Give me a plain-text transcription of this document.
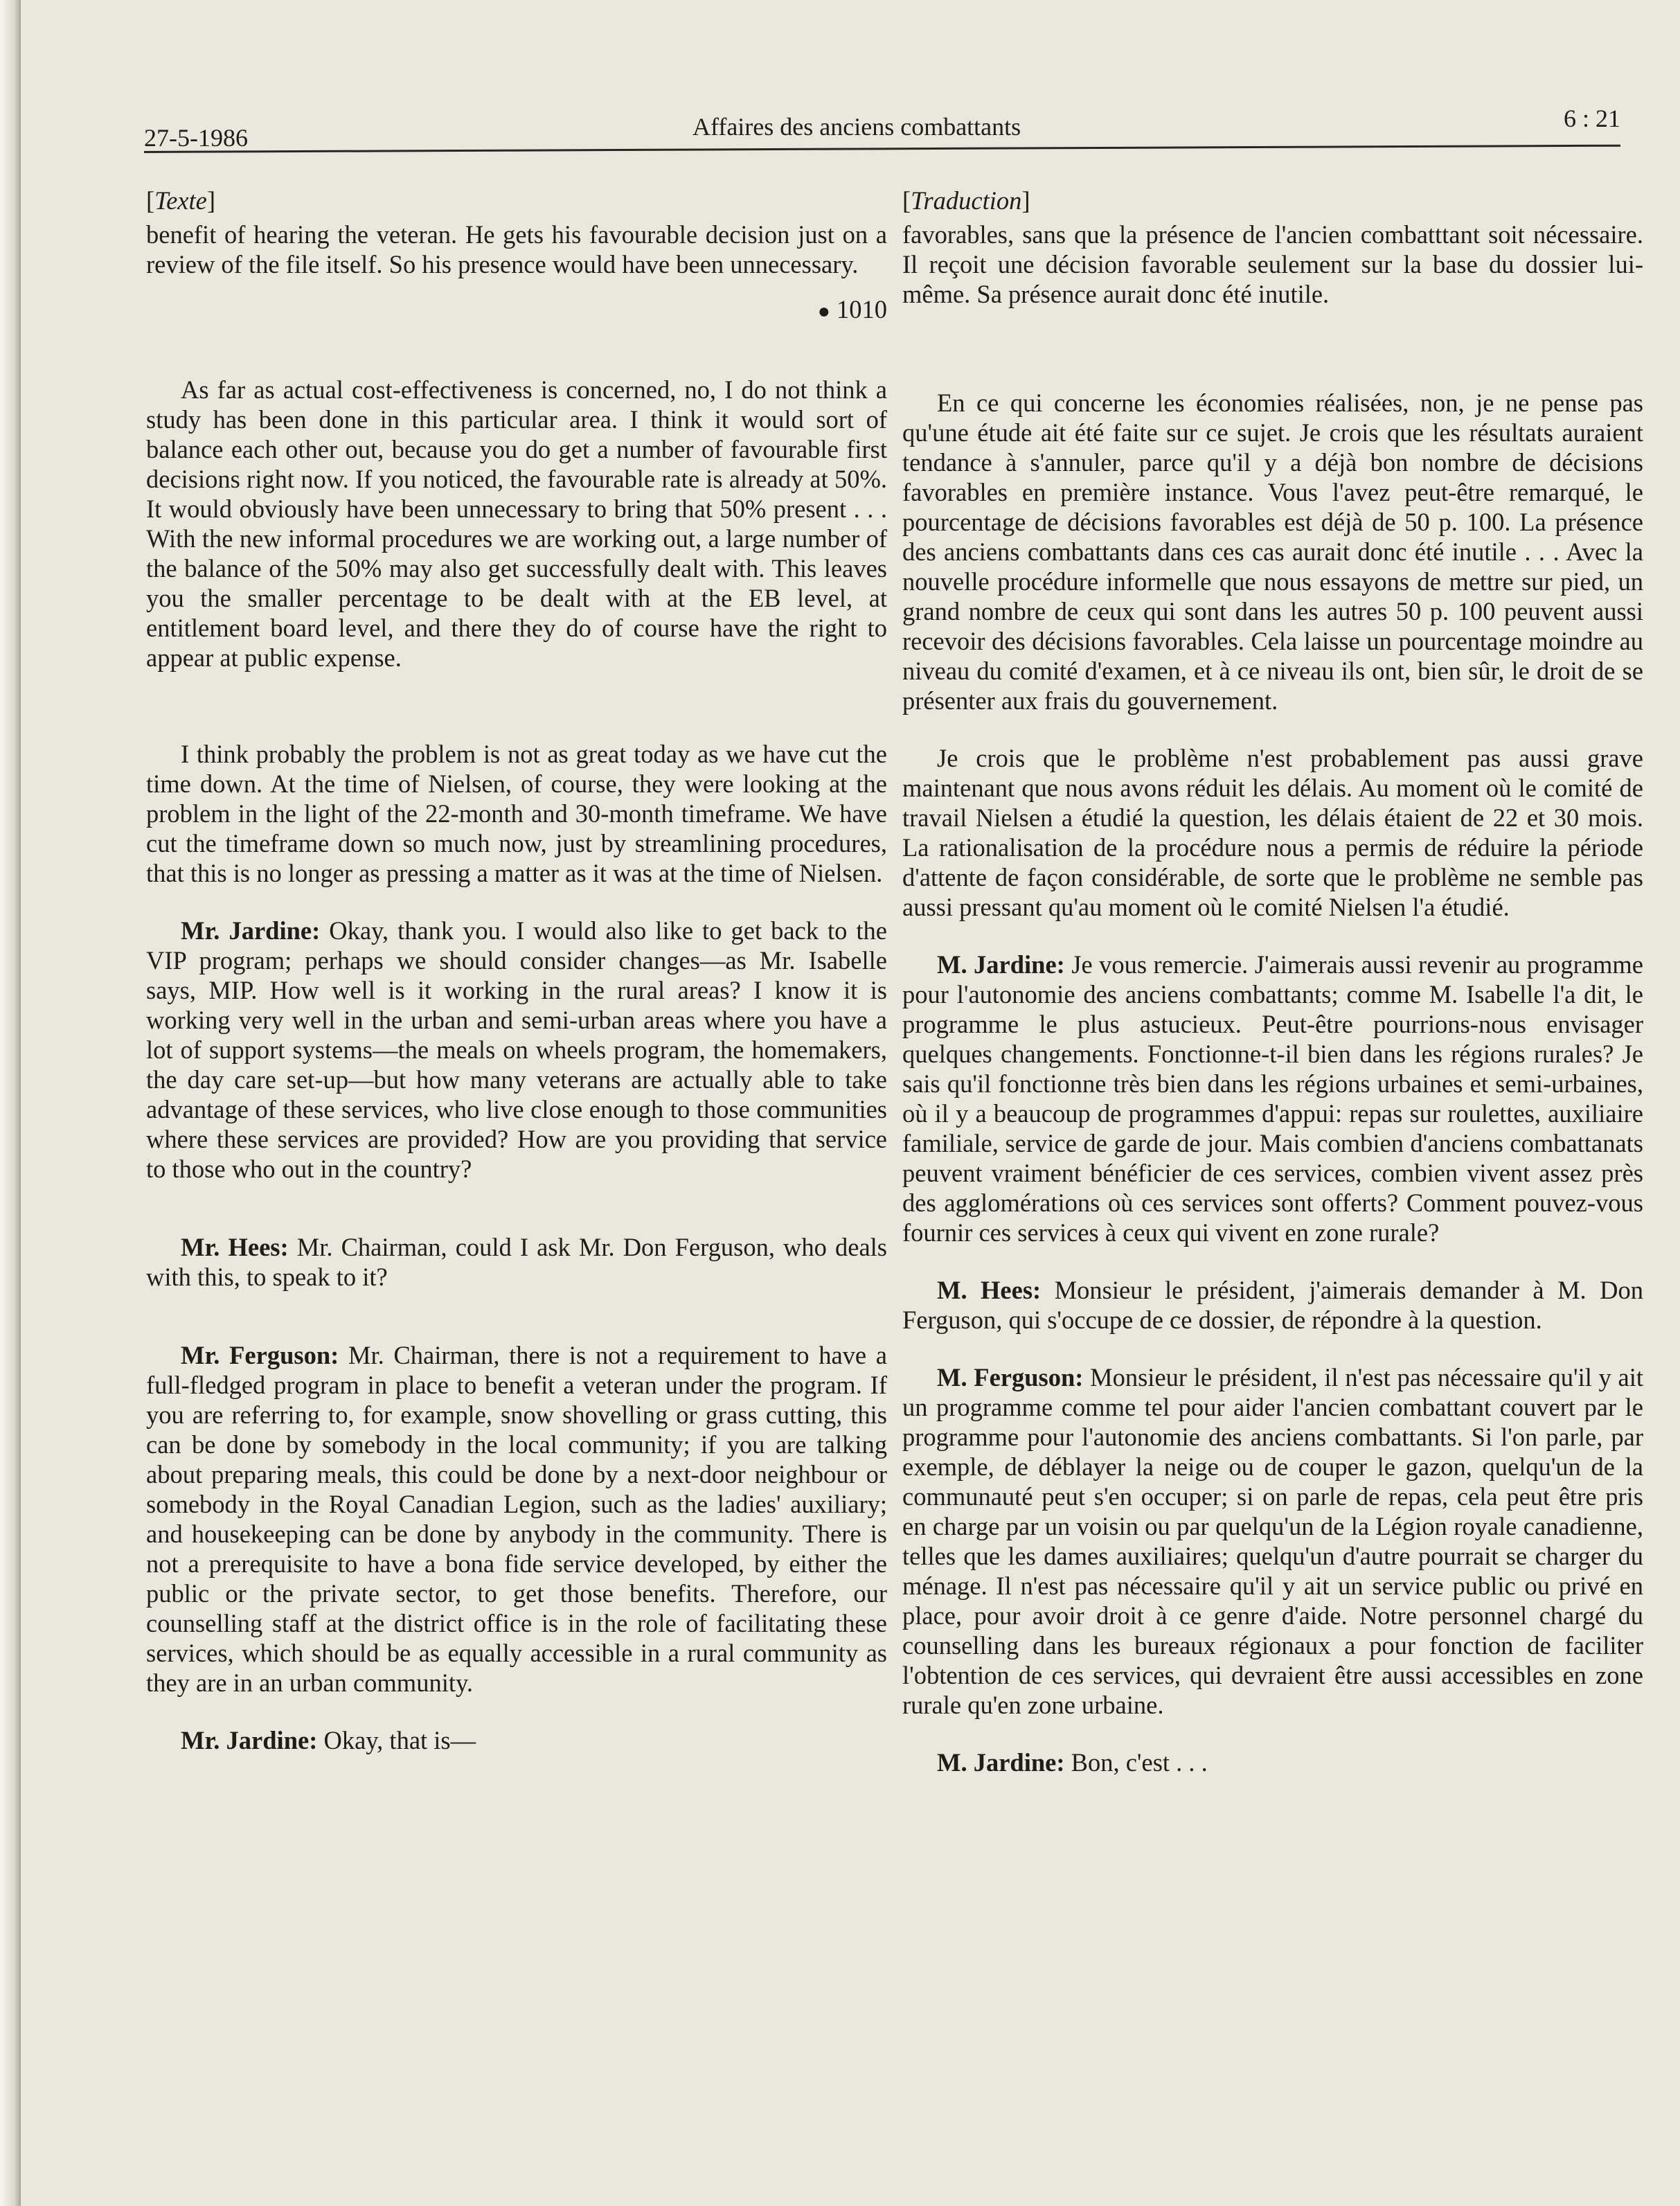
27-5-1986	Affaires des anciens combattants	6 : 21
[Texte]

benefit of hearing the veteran. He gets his favourable decision just on a review of the file itself. So his presence would have been unnecessary.

● 1010

As far as actual cost-effectiveness is concerned, no, I do not think a study has been done in this particular area. I think it would sort of balance each other out, because you do get a number of favourable first decisions right now. If you noticed, the favourable rate is already at 50%. It would obviously have been unnecessary to bring that 50% present . . . With the new informal procedures we are working out, a large number of the balance of the 50% may also get successfully dealt with. This leaves you the smaller percentage to be dealt with at the EB level, at entitlement board level, and there they do of course have the right to appear at public expense.

I think probably the problem is not as great today as we have cut the time down. At the time of Nielsen, of course, they were looking at the problem in the light of the 22-month and 30-month timeframe. We have cut the timeframe down so much now, just by streamlining procedures, that this is no longer as pressing a matter as it was at the time of Nielsen.

Mr. Jardine: Okay, thank you. I would also like to get back to the VIP program; perhaps we should consider changes—as Mr. Isabelle says, MIP. How well is it working in the rural areas? I know it is working very well in the urban and semi-urban areas where you have a lot of support systems—the meals on wheels program, the homemakers, the day care set-up—but how many veterans are actually able to take advantage of these services, who live close enough to those communities where these services are provided? How are you providing that service to those who out in the country?

Mr. Hees: Mr. Chairman, could I ask Mr. Don Ferguson, who deals with this, to speak to it?

Mr. Ferguson: Mr. Chairman, there is not a requirement to have a full-fledged program in place to benefit a veteran under the program. If you are referring to, for example, snow shovelling or grass cutting, this can be done by somebody in the local community; if you are talking about preparing meals, this could be done by a next-door neighbour or somebody in the Royal Canadian Legion, such as the ladies' auxiliary; and housekeeping can be done by anybody in the community. There is not a prerequisite to have a bona fide service developed, by either the public or the private sector, to get those benefits. Therefore, our counselling staff at the district office is in the role of facilitating these services, which should be as equally accessible in a rural community as they are in an urban community.

Mr. Jardine: Okay, that is—

[Traduction]

favorables, sans que la présence de l'ancien combatttant soit nécessaire. Il reçoit une décision favorable seulement sur la base du dossier lui-même. Sa présence aurait donc été inutile.

En ce qui concerne les économies réalisées, non, je ne pense pas qu'une étude ait été faite sur ce sujet. Je crois que les résultats auraient tendance à s'annuler, parce qu'il y a déjà bon nombre de décisions favorables en première instance. Vous l'avez peut-être remarqué, le pourcentage de décisions favorables est déjà de 50 p. 100. La présence des anciens combattants dans ces cas aurait donc été inutile . . . Avec la nouvelle procédure informelle que nous essayons de mettre sur pied, un grand nombre de ceux qui sont dans les autres 50 p. 100 peuvent aussi recevoir des décisions favorables. Cela laisse un pourcentage moindre au niveau du comité d'examen, et à ce niveau ils ont, bien sûr, le droit de se présenter aux frais du gouvernement.

Je crois que le problème n'est probablement pas aussi grave maintenant que nous avons réduit les délais. Au moment où le comité de travail Nielsen a étudié la question, les délais étaient de 22 et 30 mois. La rationalisation de la procédure nous a permis de réduire la période d'attente de façon considérable, de sorte que le problème ne semble pas aussi pressant qu'au moment où le comité Nielsen l'a étudié.

M. Jardine: Je vous remercie. J'aimerais aussi revenir au programme pour l'autonomie des anciens combattants; comme M. Isabelle l'a dit, le programme le plus astucieux. Peut-être pourrions-nous envisager quelques changements. Fonctionne-t-il bien dans les régions rurales? Je sais qu'il fonctionne très bien dans les régions urbaines et semi-urbaines, où il y a beaucoup de programmes d'appui: repas sur roulettes, auxiliaire familiale, service de garde de jour. Mais combien d'anciens combattanats peuvent vraiment bénéficier de ces services, combien vivent assez près des agglomérations où ces services sont offerts? Comment pouvez-vous fournir ces services à ceux qui vivent en zone rurale?

M. Hees: Monsieur le président, j'aimerais demander à M. Don Ferguson, qui s'occupe de ce dossier, de répondre à la question.

M. Ferguson: Monsieur le président, il n'est pas nécessaire qu'il y ait un programme comme tel pour aider l'ancien combattant couvert par le programme pour l'autonomie des anciens combattants. Si l'on parle, par exemple, de déblayer la neige ou de couper le gazon, quelqu'un de la communauté peut s'en occuper; si on parle de repas, cela peut être pris en charge par un voisin ou par quelqu'un de la Légion royale canadienne, telles que les dames auxiliaires; quelqu'un d'autre pourrait se charger du ménage. Il n'est pas nécessaire qu'il y ait un service public ou privé en place, pour avoir droit à ce genre d'aide. Notre personnel chargé du counselling dans les bureaux régionaux a pour fonction de faciliter l'obtention de ces services, qui devraient être aussi accessibles en zone rurale qu'en zone urbaine.

M. Jardine: Bon, c'est . . .
